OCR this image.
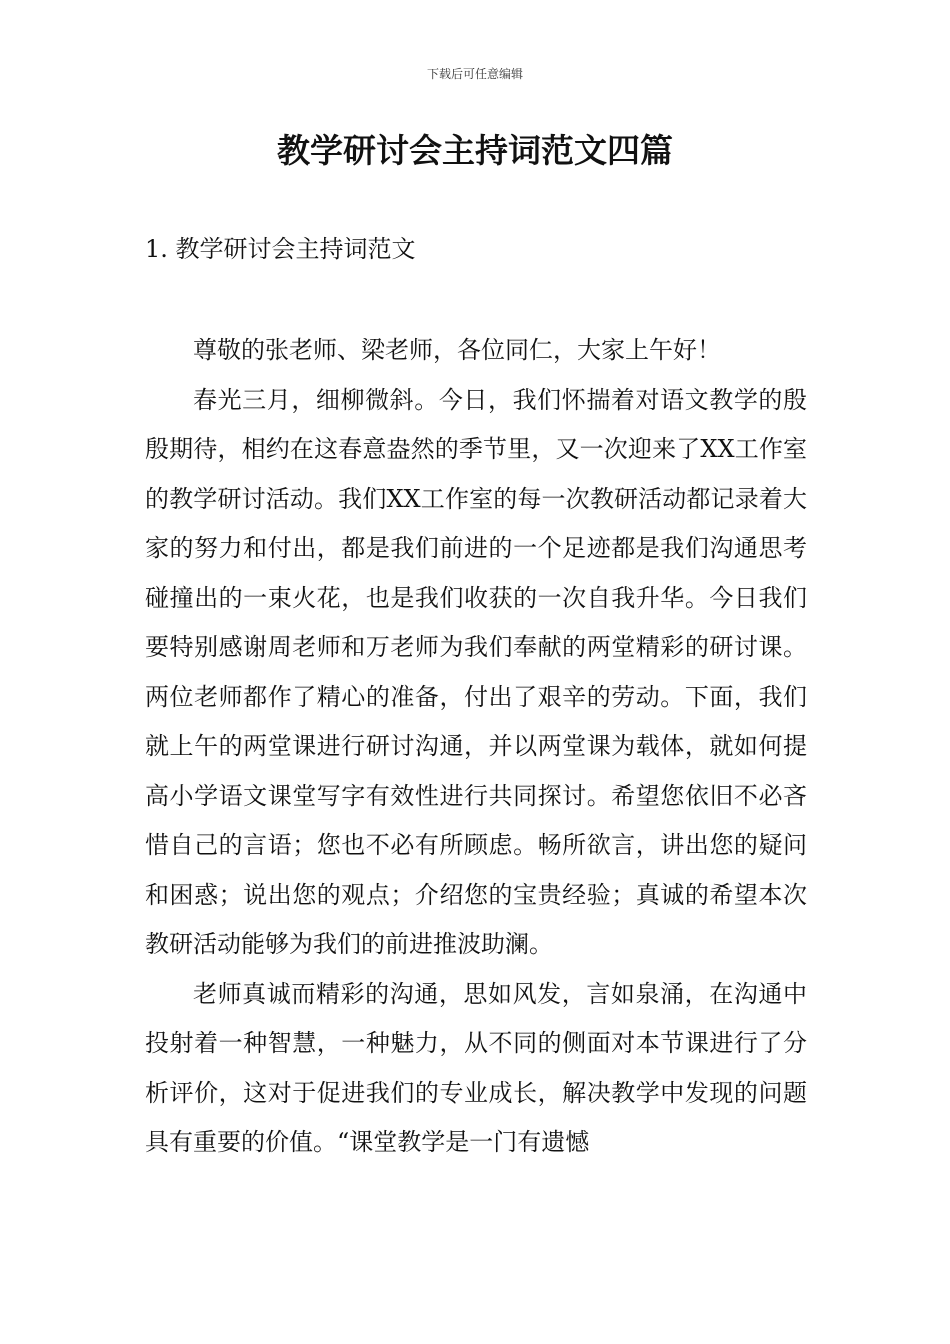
下载后可任意编辑
教学研讨会主持词范文四篇
1. 教学研讨会主持词范文

尊敬的张老师、梁老师，各位同仁，大家上午好！

春光三月，细柳微斜。今日，我们怀揣着对语文教学的殷殷期待，相约在这春意盎然的季节里，又一次迎来了XX工作室的教学研讨活动。我们XX工作室的每一次教研活动都记录着大家的努力和付出，都是我们前进的一个足迹都是我们沟通思考碰撞出的一束火花，也是我们收获的一次自我升华。今日我们要特别感谢周老师和万老师为我们奉献的两堂精彩的研讨课。两位老师都作了精心的准备，付出了艰辛的劳动。下面，我们就上午的两堂课进行研讨沟通，并以两堂课为载体，就如何提高小学语文课堂写字有效性进行共同探讨。希望您依旧不必吝惜自己的言语；您也不必有所顾虑。畅所欲言，讲出您的疑问和困惑；说出您的观点；介绍您的宝贵经验；真诚的希望本次教研活动能够为我们的前进推波助澜。

老师真诚而精彩的沟通，思如风发，言如泉涌，在沟通中投射着一种智慧，一种魅力，从不同的侧面对本节课进行了分析评价，这对于促进我们的专业成长，解决教学中发现的问题具有重要的价值。“课堂教学是一门有遗憾
